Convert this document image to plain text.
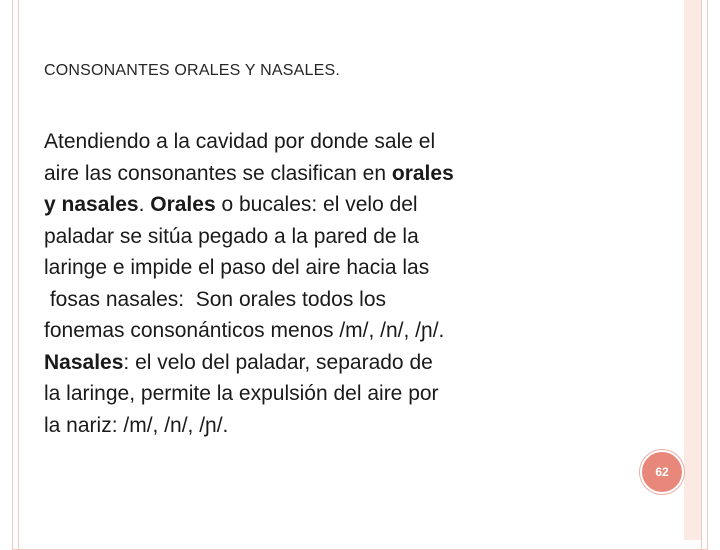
CONSONANTES ORALES Y NASALES.

Atendiendo a la cavidad por donde sale el
aire las consonantes se clasifican en orales
y nasales. Orales o bucales: el velo del
paladar se sitúa pegado a la pared de la
laringe e impide el paso del aire hacia las
fosas nasales:  Son orales todos los
fonemas consonánticos menos /m/, /n/, /ɲ/.
Nasales: el velo del paladar, separado de
la laringe, permite la expulsión del aire por
la nariz: /m/, /n/, /ɲ/.

62
